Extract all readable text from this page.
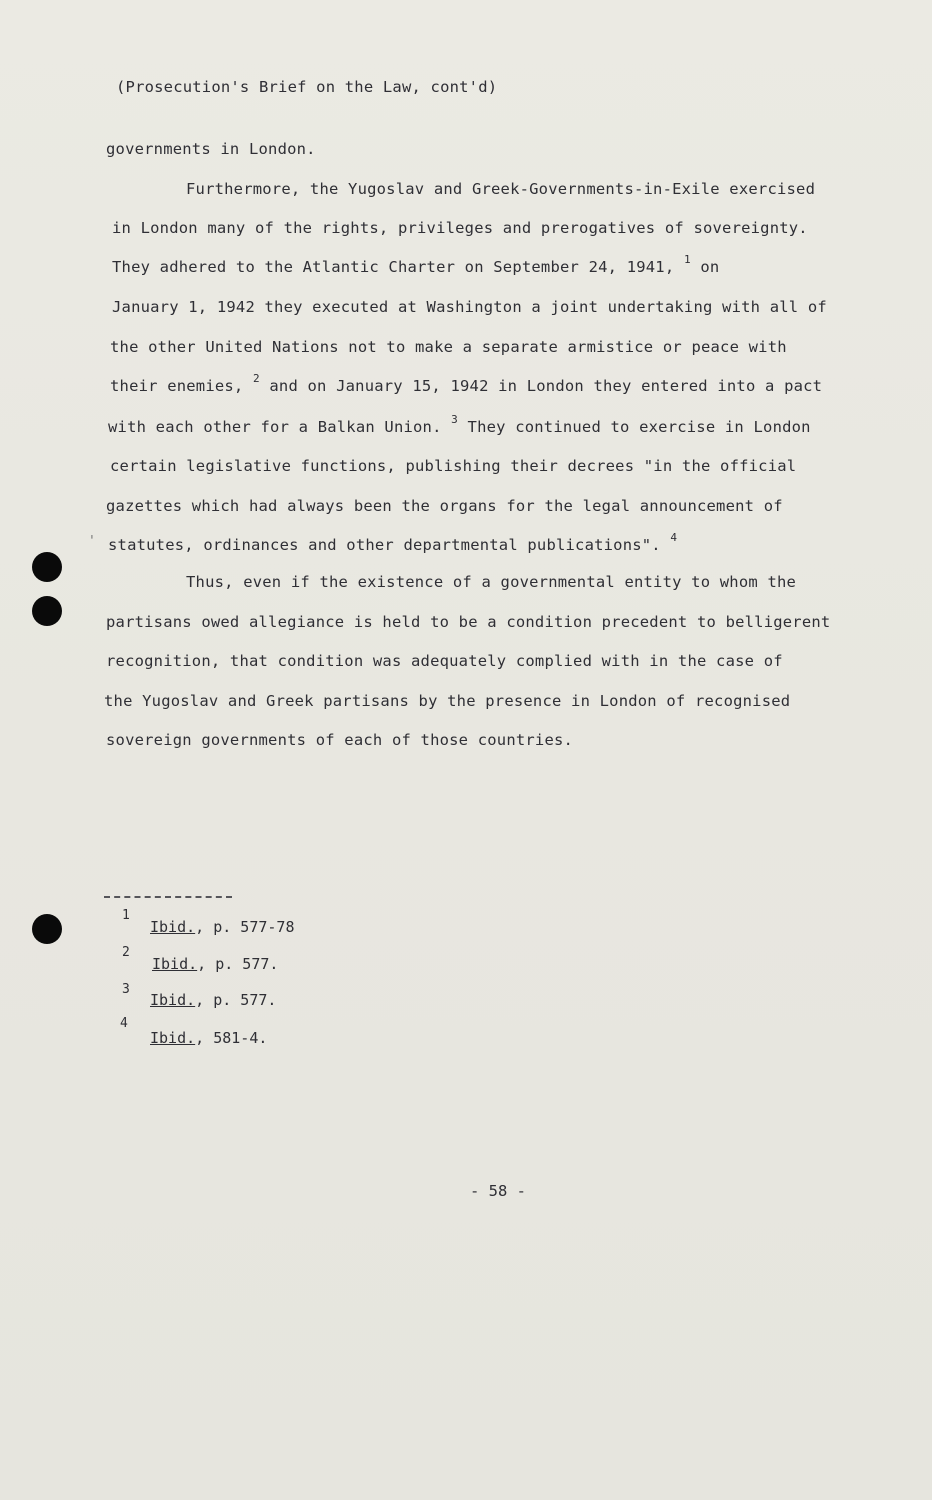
(Prosecution's Brief on the Law, cont'd)
governments in London.
Furthermore, the Yugoslav and Greek-Governments-in-Exile exercised
in London many of the rights, privileges and prerogatives of sovereignty.
They adhered to the Atlantic Charter on September 24, 1941, $^1$ on
January 1, 1942 they executed at Washington a joint undertaking with all of
the other United Nations not to make a separate armistice or peace with
their enemies, $^2$ and on January 15, 1942 in London they entered into a pact
with each other for a Balkan Union. $^3$ They continued to exercise in London
certain legislative functions, publishing their decrees "in the official
gazettes which had always been the organs for the legal announcement of
' statutes, ordinances and other departmental publications". $^4$
Thus, even if the existence of a governmental entity to whom the
partisans owed allegiance is held to be a condition precedent to belligerent
recognition, that condition was adequately complied with in the case of
the Yugoslav and Greek partisans by the presence in London of recognised
sovereign governments of each of those countries.
1
Ibid., p. 577-78
2
Ibid., p. 577.
3
Ibid., p. 577.
4
Ibid., 581-4.
- 58 -
